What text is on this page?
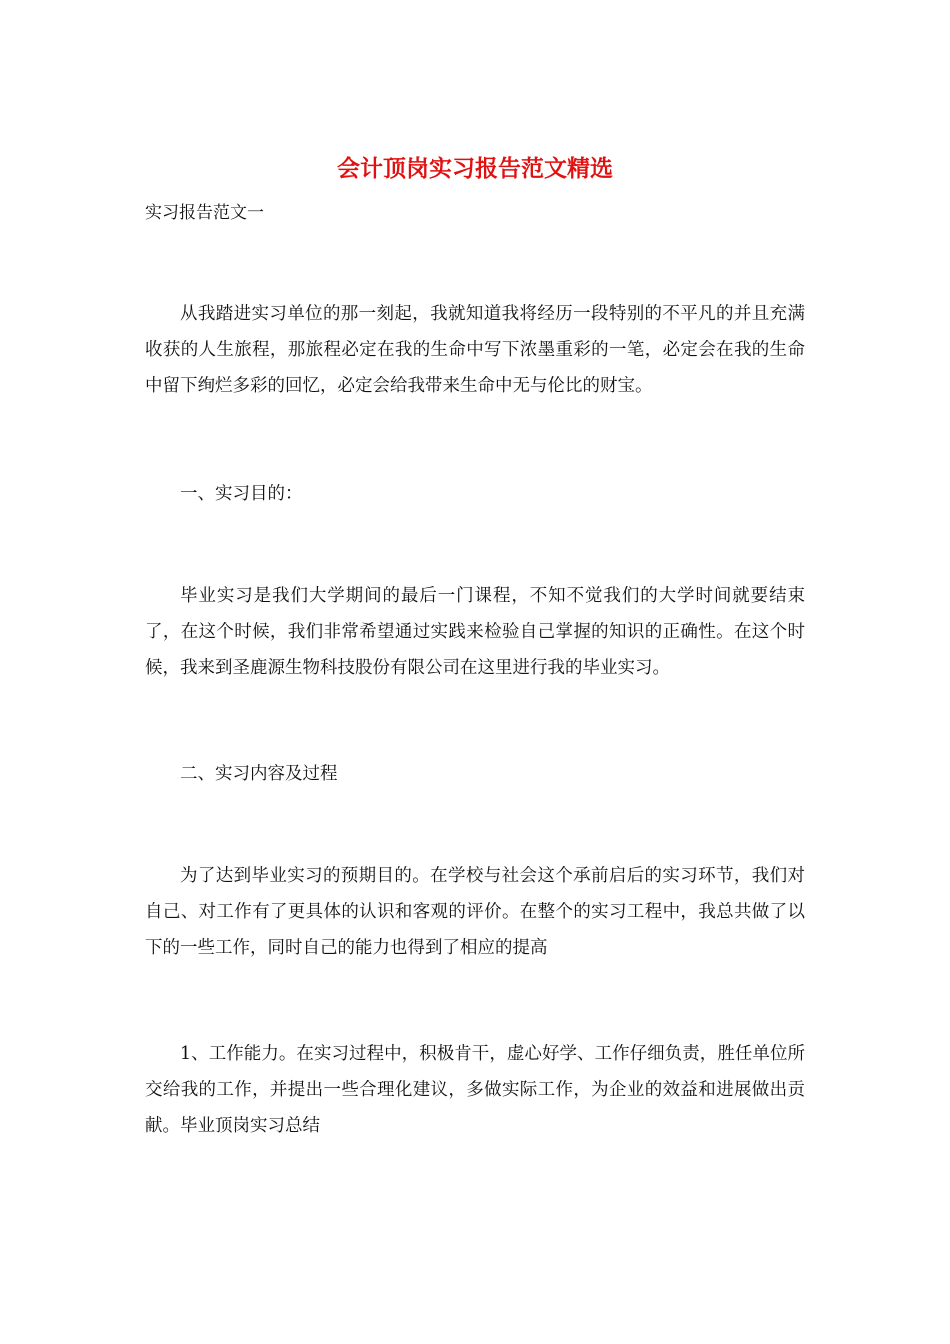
会计顶岗实习报告范文精选

实习报告范文一

从我踏进实习单位的那一刻起，我就知道我将经历一段特别的不平凡的并且充满收获的人生旅程，那旅程必定在我的生命中写下浓墨重彩的一笔，必定会在我的生命中留下绚烂多彩的回忆，必定会给我带来生命中无与伦比的财宝。

一、实习目的：

毕业实习是我们大学期间的最后一门课程，不知不觉我们的大学时间就要结束了，在这个时候，我们非常希望通过实践来检验自己掌握的知识的正确性。在这个时候，我来到圣鹿源生物科技股份有限公司在这里进行我的毕业实习。

二、实习内容及过程

为了达到毕业实习的预期目的。在学校与社会这个承前启后的实习环节，我们对自己、对工作有了更具体的认识和客观的评价。在整个的实习工程中，我总共做了以下的一些工作，同时自己的能力也得到了相应的提高

1、工作能力。在实习过程中，积极肯干，虚心好学、工作仔细负责，胜任单位所交给我的工作，并提出一些合理化建议，多做实际工作，为企业的效益和进展做出贡献。毕业顶岗实习总结
